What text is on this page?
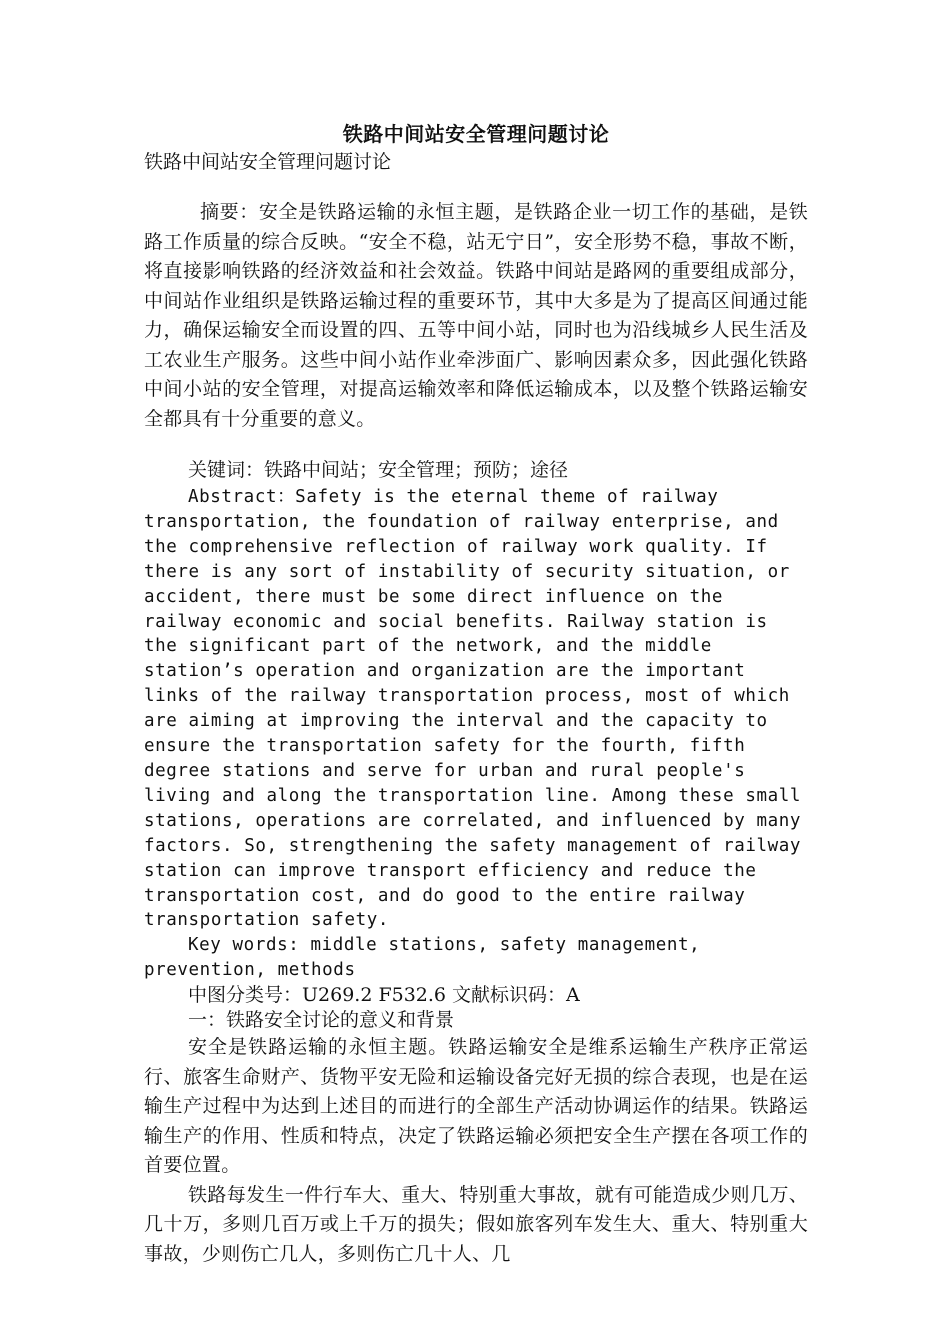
铁路中间站安全管理问题讨论

铁路中间站安全管理问题讨论

摘要：安全是铁路运输的永恒主题，是铁路企业一切工作的基础，是铁路工作质量的综合反映。“安全不稳，站无宁日”，安全形势不稳，事故不断，将直接影响铁路的经济效益和社会效益。铁路中间站是路网的重要组成部分，中间站作业组织是铁路运输过程的重要环节，其中大多是为了提高区间通过能力，确保运输安全而设置的四、五等中间小站，同时也为沿线城乡人民生活及工农业生产服务。这些中间小站作业牵涉面广、影响因素众多，因此强化铁路中间小站的安全管理，对提高运输效率和降低运输成本，以及整个铁路运输安全都具有十分重要的意义。

关键词：铁路中间站；安全管理；预防；途径

Abstract：Safety is the eternal theme of railway transportation, the foundation of railway enterprise, and the comprehensive reflection of railway work quality. If there is any sort of instability of security situation, or accident, there must be some direct influence on the railway economic and social benefits. Railway station is the significant part of the network, and the middle station’s operation and organization are the important links of the railway transportation process, most of which are aiming at improving the interval and the capacity to ensure the transportation safety for the fourth, fifth degree stations and serve for urban and rural people's living and along the transportation line. Among these small stations, operations are correlated, and influenced by many factors. So, strengthening the safety management of railway station can improve transport efficiency and reduce the transportation cost, and do good to the entire railway transportation safety.

Key words: middle stations, safety management, prevention, methods

中图分类号：U269.2 F532.6 文献标识码：A

一：铁路安全讨论的意义和背景

安全是铁路运输的永恒主题。铁路运输安全是维系运输生产秩序正常运行、旅客生命财产、货物平安无险和运输设备完好无损的综合表现，也是在运输生产过程中为达到上述目的而进行的全部生产活动协调运作的结果。铁路运输生产的作用、性质和特点，决定了铁路运输必须把安全生产摆在各项工作的首要位置。

铁路每发生一件行车大、重大、特别重大事故，就有可能造成少则几万、几十万，多则几百万或上千万的损失；假如旅客列车发生大、重大、特别重大事故，少则伤亡几人，多则伤亡几十人、几
